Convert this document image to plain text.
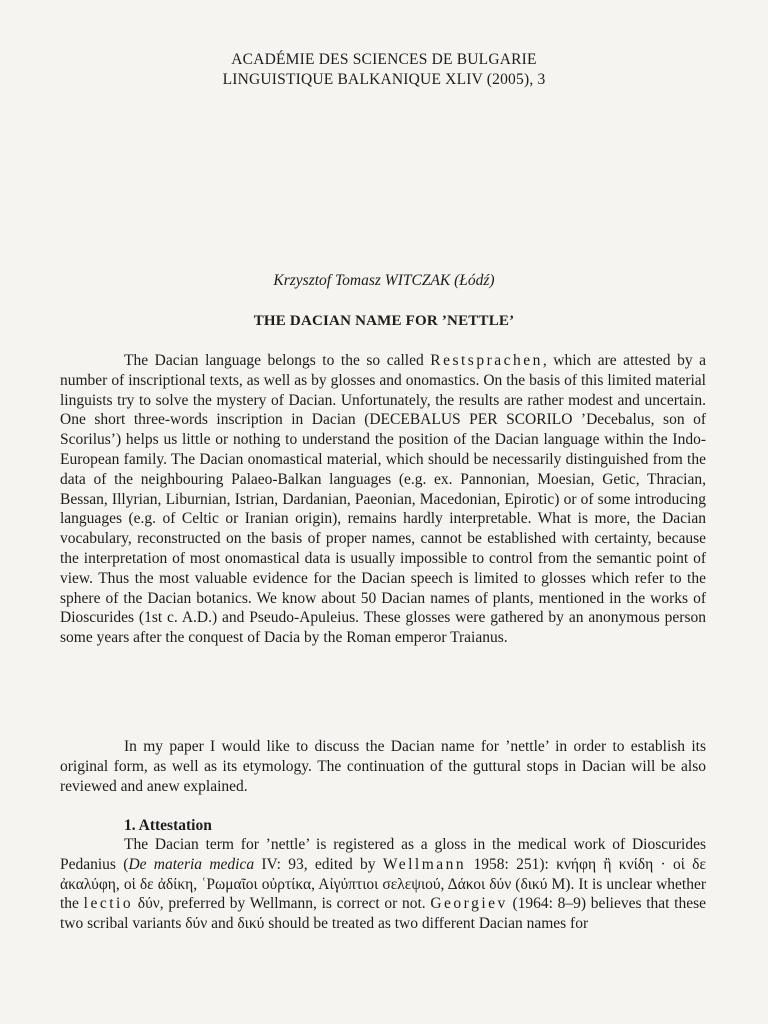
ACADÉMIE DES SCIENCES DE BULGARIE
LINGUISTIQUE BALKANIQUE XLIV (2005), 3
Krzysztof Tomasz WITCZAK (Łódź)
THE DACIAN NAME FOR ’NETTLE’

The Dacian language belongs to the so called Restsprachen, which are attested by a number of inscriptional texts, as well as by glosses and onomastics. On the basis of this limited material linguists try to solve the mystery of Dacian. Unfortunately, the results are rather modest and uncertain. One short three-words inscription in Dacian (DECEBALUS PER SCORILO ’Decebalus, son of Scorilus’) helps us little or nothing to understand the position of the Dacian language within the Indo-European family. The Dacian onomastical material, which should be necessarily distinguished from the data of the neighbouring Palaeo-Balkan languages (e.g. ex. Pannonian, Moesian, Getic, Thracian, Bessan, Illyrian, Liburnian, Istrian, Dardanian, Paeonian, Macedonian, Epirotic) or of some introducing languages (e.g. of Celtic or Iranian origin), remains hardly interpretable. What is more, the Dacian vocabulary, reconstructed on the basis of proper names, cannot be established with certainty, because the interpretation of most onomastical data is usually impossible to control from the semantic point of view. Thus the most valuable evidence for the Dacian speech is limited to glosses which refer to the sphere of the Dacian botanics. We know about 50 Dacian names of plants, mentioned in the works of Dioscurides (1st c. A.D.) and Pseudo-Apuleius. These glosses were gathered by an anonymous person some years after the conquest of Dacia by the Roman emperor Traianus.

In my paper I would like to discuss the Dacian name for ’nettle’ in order to establish its original form, as well as its etymology. The continuation of the guttural stops in Dacian will be also reviewed and anew explained.

1. Attestation

The Dacian term for ’nettle’ is registered as a gloss in the medical work of Dioscurides Pedanius (De materia medica IV: 93, edited by Wellmann 1958: 251): κνήφη ἢ κνίδη · οἱ δε ἀκαλύφη, οἱ δε ἀδίκη, ʿΡωμαῖοι οὐρτίκα, Αἰγύπτιοι σελεψιού, Δάκοι δύν (δικύ M). It is unclear whether the lectio δύν, preferred by Wellmann, is correct or not. Georgiev (1964: 8–9) believes that these two scribal variants δύν and δικύ should be treated as two different Dacian names for
